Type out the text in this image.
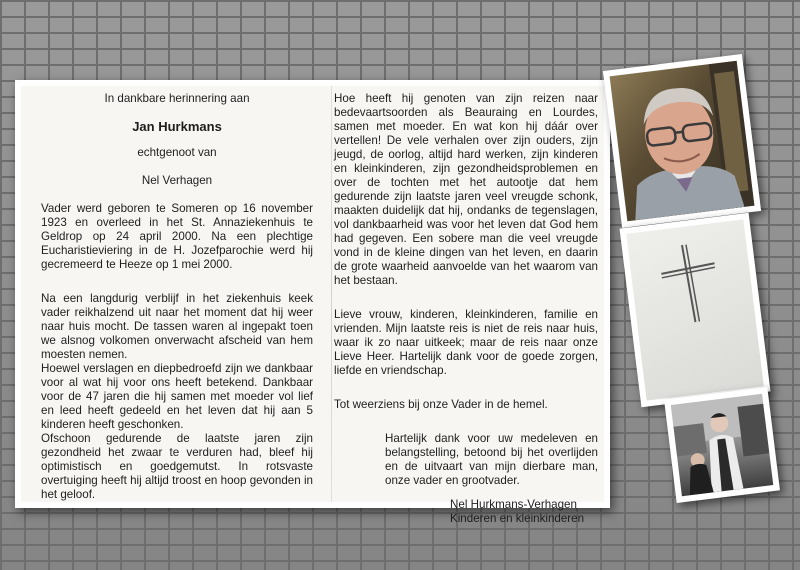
In dankbare herinnering aan

Jan Hurkmans

echtgenoot van

Nel Verhagen

Vader werd geboren te Someren op 16 november 1923 en overleed in het St. Annaziekenhuis te Geldrop op 24 april 2000. Na een plechtige Eucharistieviering in de H. Jozefparochie werd hij gecremeerd te Heeze op 1 mei 2000.

Na een langdurig verblijf in het ziekenhuis keek vader reikhalzend uit naar het moment dat hij weer naar huis mocht. De tassen waren al ingepakt toen we alsnog volkomen onverwacht afscheid van hem moesten nemen.

Hoewel verslagen en diepbedroefd zijn we dankbaar voor al wat hij voor ons heeft betekend. Dankbaar voor de 47 jaren die hij samen met moeder vol lief en leed heeft gedeeld en het leven dat hij aan 5 kinderen heeft geschonken.

Ofschoon gedurende de laatste jaren zijn gezondheid het zwaar te verduren had, bleef hij optimistisch en goedgemutst. In rotsvaste overtuiging heeft hij altijd troost en hoop gevonden in het geloof.

Hoe heeft hij genoten van zijn reizen naar bedevaartsoorden als Beauraing en Lourdes, samen met moeder. En wat kon hij dáár over vertellen! De vele verhalen over zijn ouders, zijn jeugd, de oorlog, altijd hard werken, zijn kinderen en kleinkinderen, zijn gezondheidsproblemen en over de tochten met het autootje dat hem gedurende zijn laatste jaren veel vreugde schonk, maakten duidelijk dat hij, ondanks de tegenslagen, vol dankbaarheid was voor het leven dat God hem had gegeven. Een sobere man die veel vreugde vond in de kleine dingen van het leven, en daarin de grote waarheid aanvoelde van het waarom van het bestaan.

Lieve vrouw, kinderen, kleinkinderen, familie en vrienden. Mijn laatste reis is niet de reis naar huis, waar ik zo naar uitkeek; maar de reis naar onze Lieve Heer. Hartelijk dank voor de goede zorgen, liefde en vriendschap.

Tot weerziens bij onze Vader in de hemel.

Hartelijk dank voor uw medeleven en belangstelling, betoond bij het overlijden en de uitvaart van mijn dierbare man, onze vader en grootvader.

Nel Hurkmans-Verhagen

Kinderen en kleinkinderen
